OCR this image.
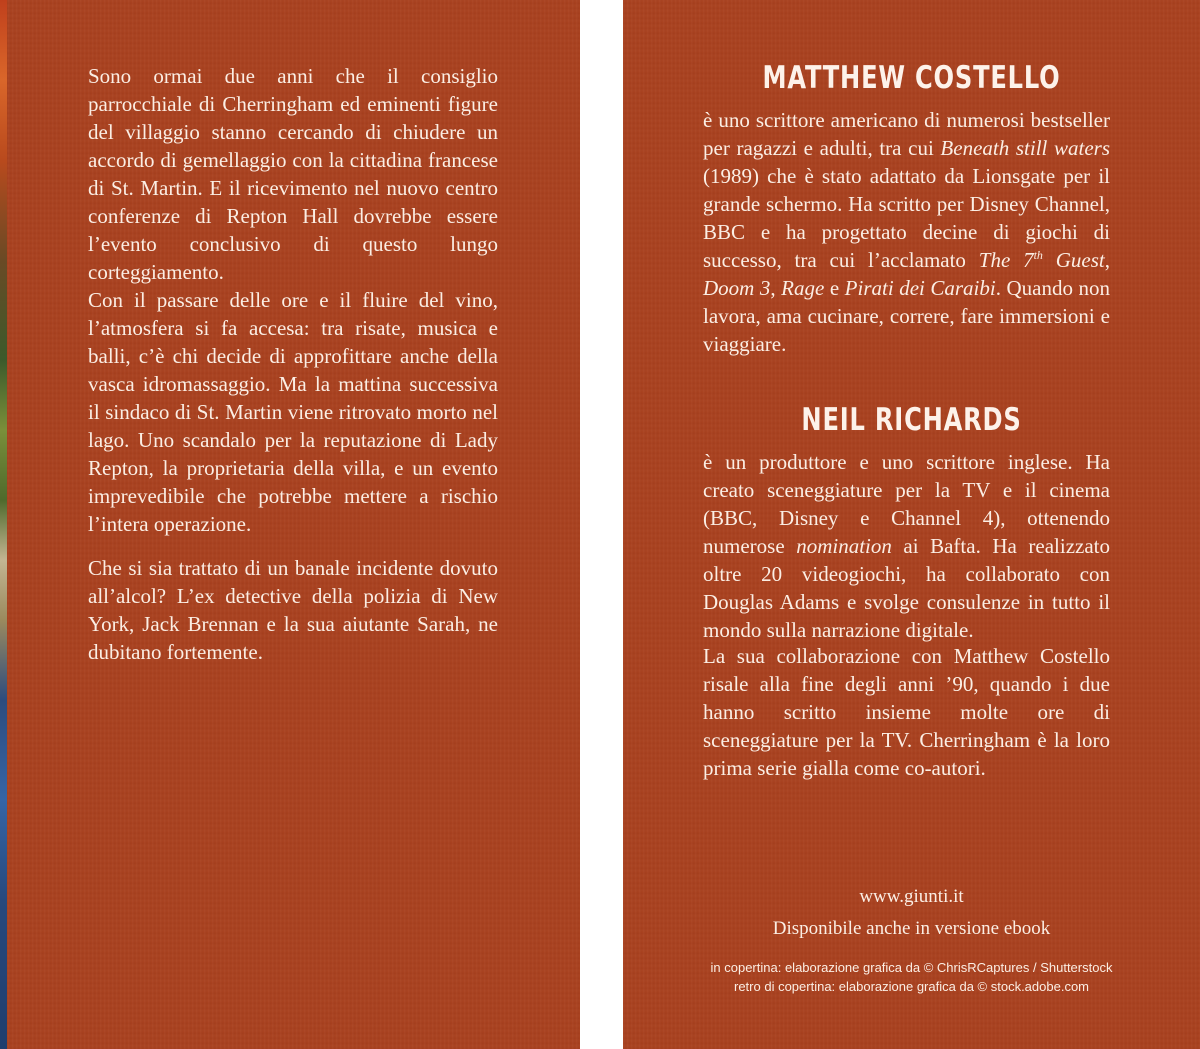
Sono ormai due anni che il consiglio parrocchiale di Cherringham ed eminenti figure del villaggio stanno cercando di chiudere un accordo di gemellaggio con la cittadina francese di St. Martin. E il ricevimento nel nuovo centro conferenze di Repton Hall dovrebbe essere l’evento conclusivo di questo lungo corteggiamento.

Con il passare delle ore e il fluire del vino, l’atmosfera si fa accesa: tra risate, musica e balli, c’è chi decide di approfittare anche della vasca idromassaggio. Ma la mattina successiva il sindaco di St. Martin viene ritrovato morto nel lago. Uno scandalo per la reputazione di Lady Repton, la proprietaria della villa, e un evento imprevedibile che potrebbe mettere a rischio l’intera operazione.

Che si sia trattato di un banale incidente dovuto all’alcol? L’ex detective della polizia di New York, Jack Brennan e la sua aiutante Sarah, ne dubitano fortemente.

MATTHEW COSTELLO

è uno scrittore americano di numerosi bestseller per ragazzi e adulti, tra cui Beneath still waters (1989) che è stato adattato da Lionsgate per il grande schermo. Ha scritto per Disney Channel, BBC e ha progettato decine di giochi di successo, tra cui l’acclamato The 7th Guest, Doom 3, Rage e Pirati dei Caraibi. Quando non lavora, ama cucinare, correre, fare immersioni e viaggiare.

NEIL RICHARDS

è un produttore e uno scrittore inglese. Ha creato sceneggiature per la TV e il cinema (BBC, Disney e Channel 4), ottenendo numerose nomination ai Bafta. Ha realizzato oltre 20 videogiochi, ha collaborato con Douglas Adams e svolge consulenze in tutto il mondo sulla narrazione digitale.

La sua collaborazione con Matthew Costello risale alla fine degli anni ’90, quando i due hanno scritto insieme molte ore di sceneggiature per la TV. Cherringham è la loro prima serie gialla come co-autori.

www.giunti.it

Disponibile anche in versione ebook

in copertina: elaborazione grafica da © ChrisRCaptures / Shutterstock

retro di copertina: elaborazione grafica da © stock.adobe.com
